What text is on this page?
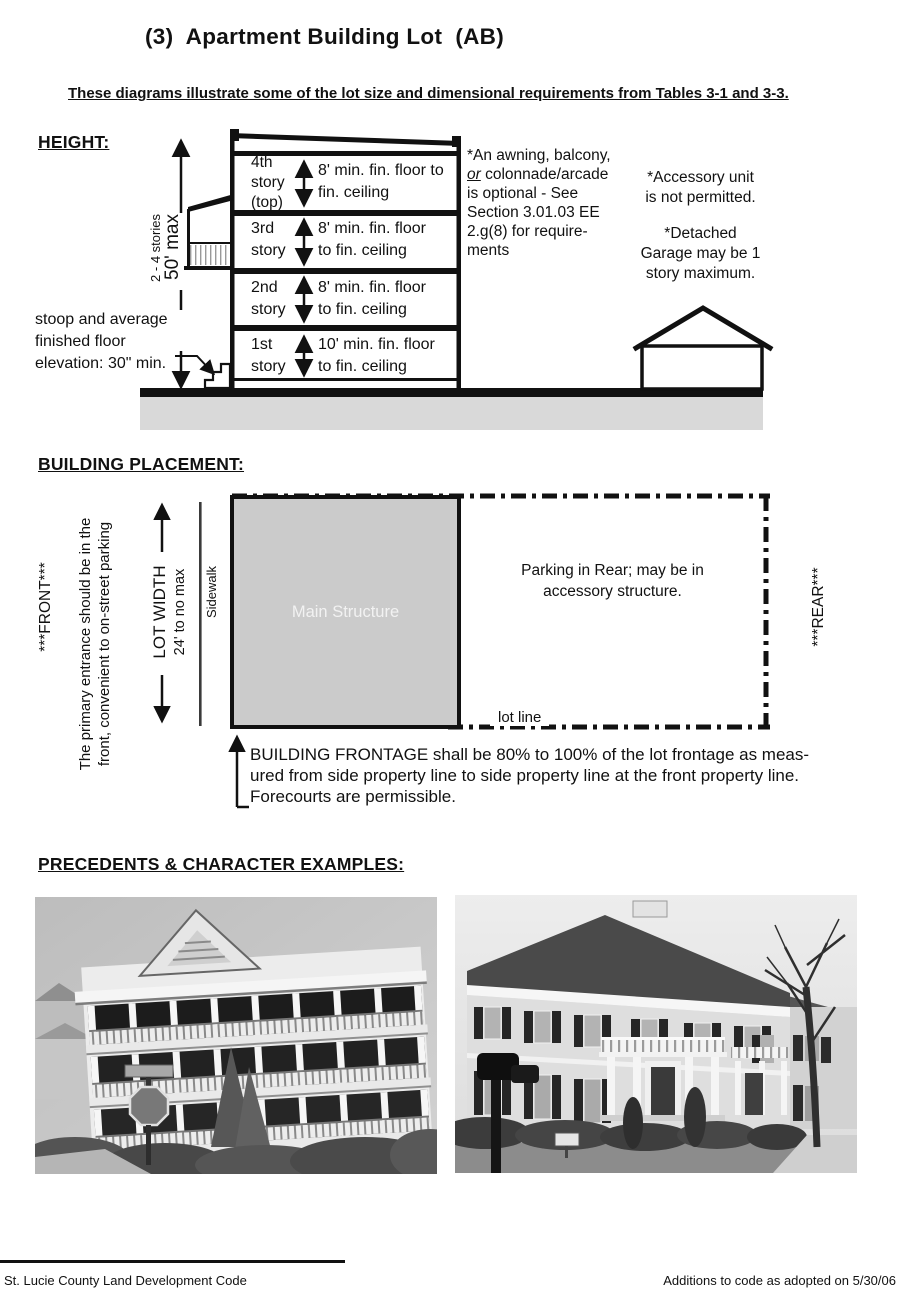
(3)  Apartment Building Lot  (AB)
These diagrams illustrate some of the lot size and dimensional requirements from Tables 3-1 and 3-3.
HEIGHT:
2 - 4 stories 50' max
stoop and average
finished floor
elevation: 30" min.
4th
story
(top)
8' min. fin. floor to
fin. ceiling
3rd
story
8' min. fin. floor
to fin. ceiling
2nd
story
8' min. fin. floor
to fin. ceiling
1st
story
10' min. fin. floor
to fin. ceiling
*An awning, balcony,
or colonnade/arcade
is optional - See
Section 3.01.03 EE
2.g(8) for require-
ments
*Accessory unit
is not permitted.
*Detached
Garage may be 1
story maximum.
BUILDING PLACEMENT:
***FRONT*** The primary entrance should be in the front, convenient to on-street parking LOT WIDTH 24' to no max Sidewalk	Main Structure
Parking in Rear; may be in
accessory structure.
lot line
***REAR***
BUILDING FRONTAGE shall be 80% to 100% of the lot frontage as meas-
ured from side property line to side property line at the front property line.
Forecourts are permissible.
PRECEDENTS & CHARACTER EXAMPLES:
St. Lucie County Land Development Code	Additions to code as adopted on 5/30/06
